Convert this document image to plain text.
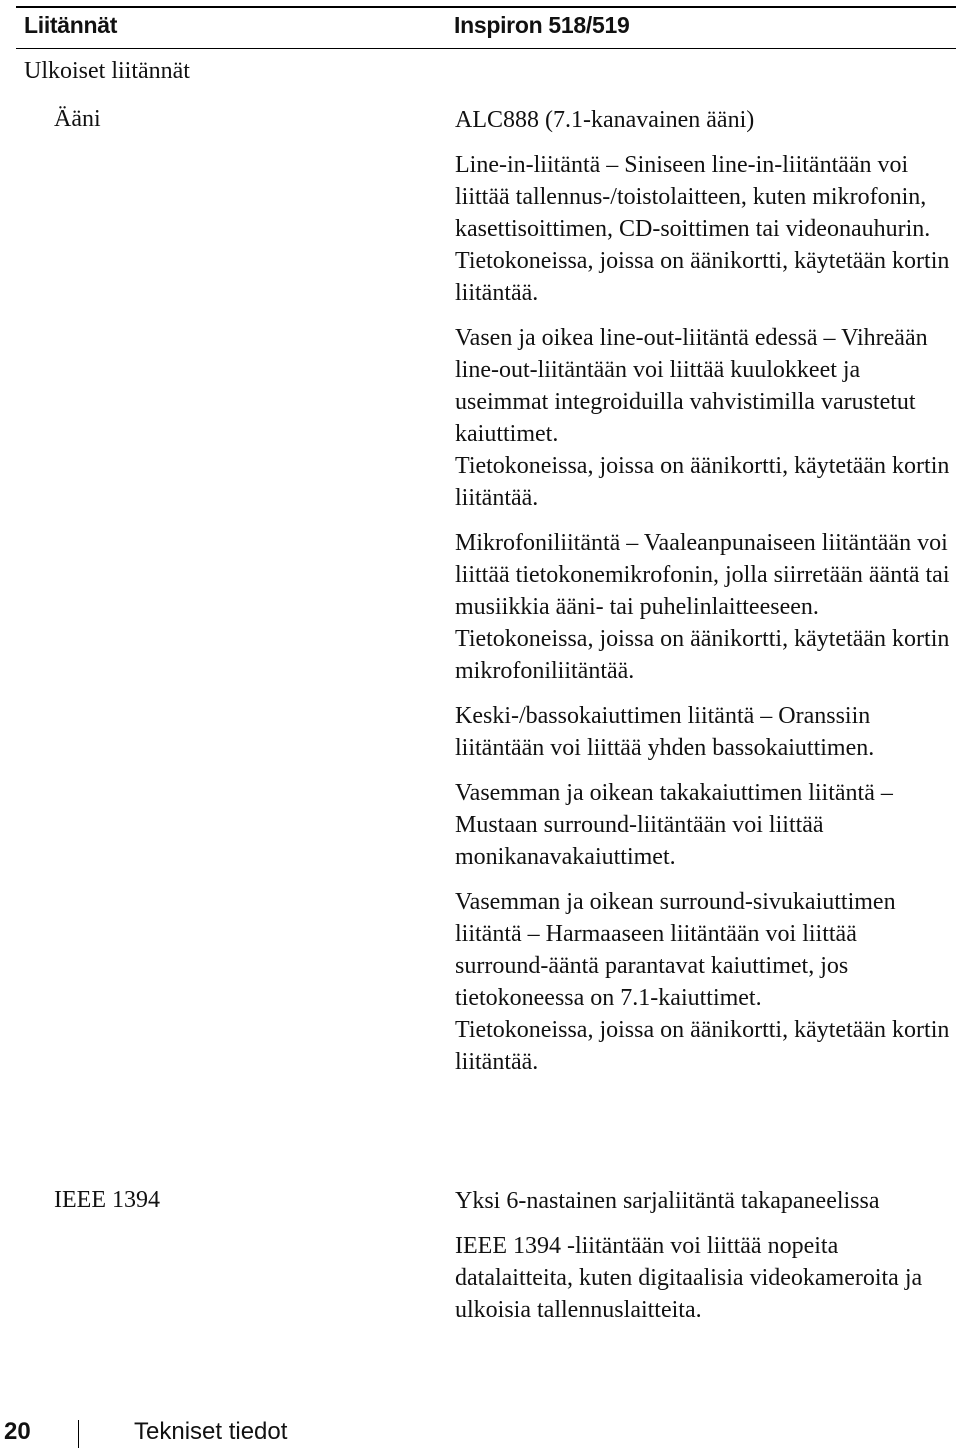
Liitännät	Inspiron 518/519
Ulkoiset liitännät
Ääni	ALC888 (7.1-kanavainen ääni)

Line-in-liitäntä – Siniseen line-in-liitäntään voi liittää tallennus-/toistolaitteen, kuten mikrofonin, kasettisoittimen, CD-soittimen tai videonauhurin.
Tietokoneissa, joissa on äänikortti, käytetään kortin liitäntää.

Vasen ja oikea line-out-liitäntä edessä – Vihreään line-out-liitäntään voi liittää kuulokkeet ja useimmat integroiduilla vahvistimilla varustetut kaiuttimet.
Tietokoneissa, joissa on äänikortti, käytetään kortin liitäntää.

Mikrofoniliitäntä – Vaaleanpunaiseen liitäntään voi liittää tietokonemikrofonin, jolla siirretään ääntä tai musiikkia ääni- tai puhelinlaitteeseen.
Tietokoneissa, joissa on äänikortti, käytetään kortin mikrofoniliitäntää.

Keski-/bassokaiuttimen liitäntä – Oranssiin liitäntään voi liittää yhden bassokaiuttimen.

Vasemman ja oikean takakaiuttimen liitäntä – Mustaan surround-liitäntään voi liittää monikanavakaiuttimet.

Vasemman ja oikean surround-sivukaiuttimen liitäntä – Harmaaseen liitäntään voi liittää surround-ääntä parantavat kaiuttimet, jos tietokoneessa on 7.1-kaiuttimet.
Tietokoneissa, joissa on äänikortti, käytetään kortin liitäntää.

IEEE 1394	Yksi 6-nastainen sarjaliitäntä takapaneelissa

IEEE 1394 -liitäntään voi liittää nopeita datalaitteita, kuten digitaalisia videokameroita ja ulkoisia tallennuslaitteita.

20	Tekniset tiedot
